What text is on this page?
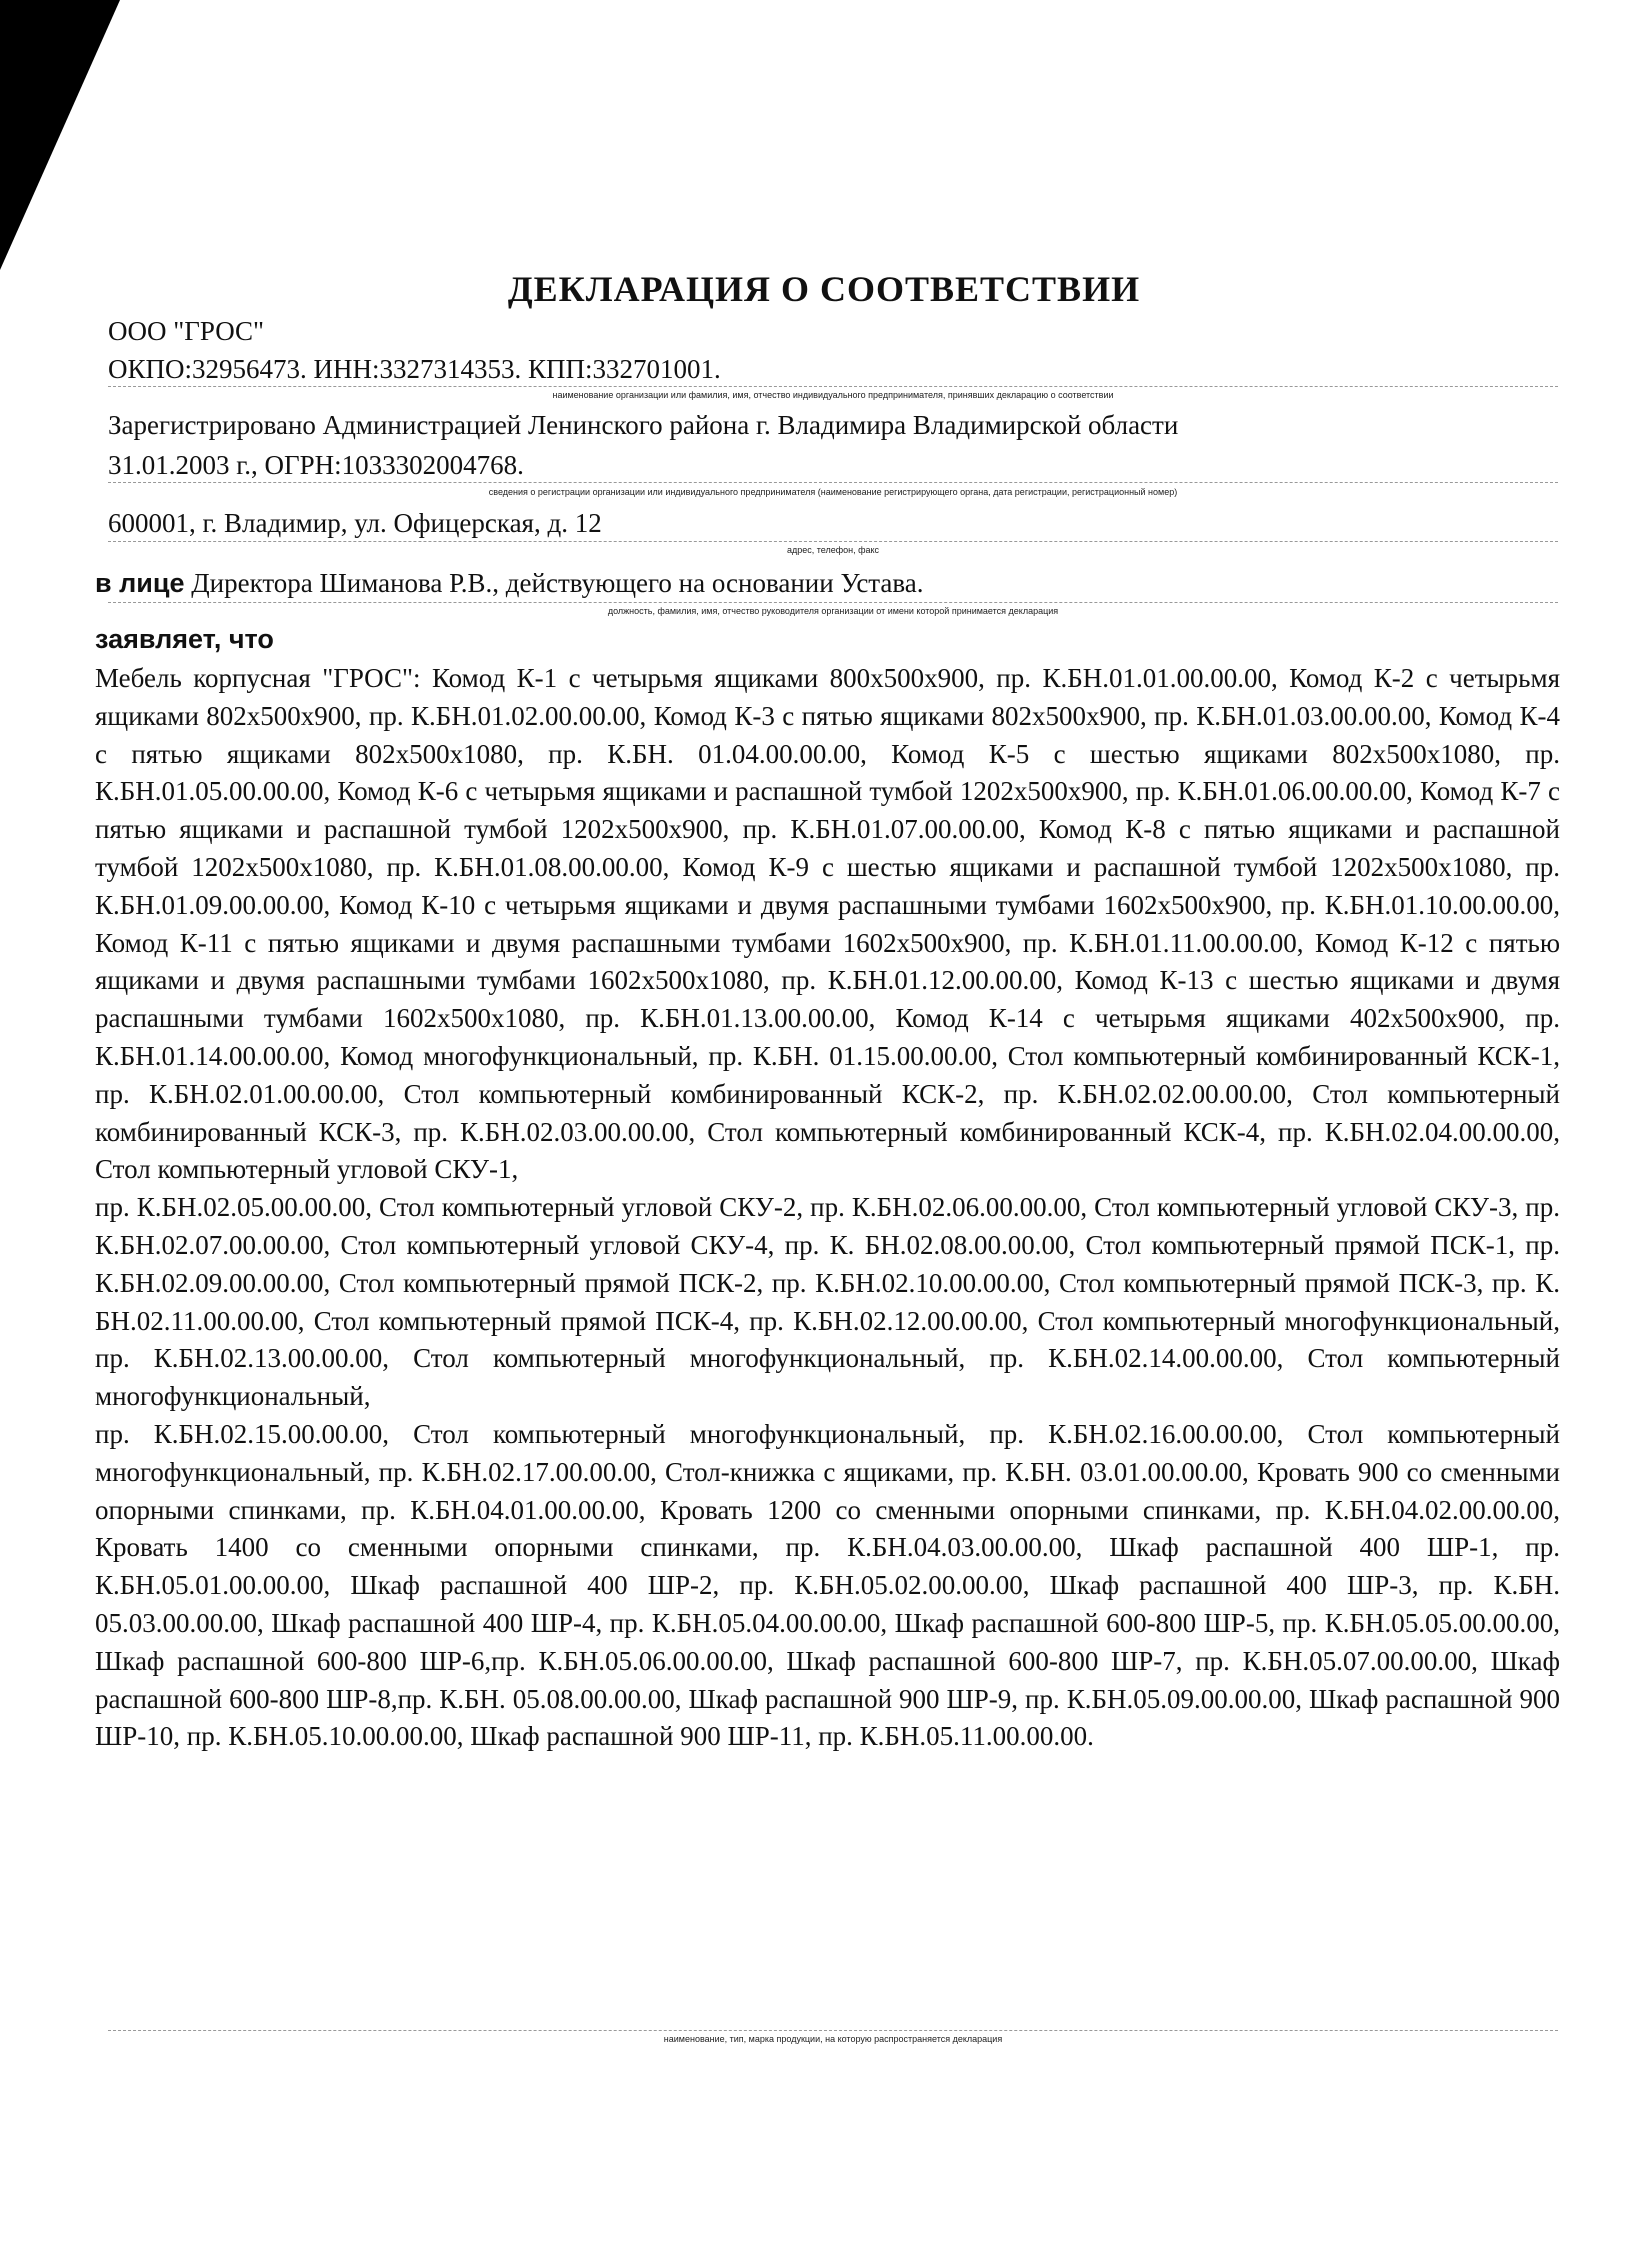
ДЕКЛАРАЦИЯ О СООТВЕТСТВИИ
ООО "ГРОС"
ОКПО:32956473. ИНН:3327314353. КПП:332701001.
наименование организации или фамилия, имя, отчество индивидуального предпринимателя, принявших декларацию о соответствии
Зарегистрировано Администрацией Ленинского района г. Владимира Владимирской области
31.01.2003 г., ОГРН:1033302004768.
сведения о регистрации организации или индивидуального предпринимателя (наименование регистрирующего органа, дата регистрации, регистрационный номер)
600001, г. Владимир, ул. Офицерская, д. 12
адрес, телефон, факс
в лице Директора Шиманова Р.В., действующего на основании Устава.
должность, фамилия, имя, отчество руководителя организации от имени которой принимается декларация
заявляет, что

Мебель корпусная "ГРОС": Комод К-1 с четырьмя ящиками 800х500х900, пр. К.БН.01.01.00.00.00, Комод К-2 с четырьмя ящиками 802х500х900, пр. К.БН.01.02.00.00.00, Комод К-3 с пятью ящиками 802х500х900, пр. К.БН.01.03.00.00.00, Комод К-4 с пятью ящиками 802х500х1080, пр. К.БН. 01.04.00.00.00, Комод К-5 с шестью ящиками 802х500х1080, пр. К.БН.01.05.00.00.00, Комод К-6 с четырьмя ящиками и распашной тумбой 1202х500х900, пр. К.БН.01.06.00.00.00, Комод К-7 с пятью ящиками и распашной тумбой 1202х500х900, пр. К.БН.01.07.00.00.00, Комод К-8 с пятью ящиками и распашной тумбой 1202х500х1080, пр. К.БН.01.08.00.00.00, Комод К-9 с шестью ящиками и распашной тумбой 1202х500х1080, пр. К.БН.01.09.00.00.00, Комод К-10 с четырьмя ящиками и двумя распашными тумбами 1602х500х900, пр. К.БН.01.10.00.00.00, Комод К-11 с пятью ящиками и двумя распашными тумбами 1602х500х900, пр. К.БН.01.11.00.00.00, Комод К-12 с пятью ящиками и двумя распашными тумбами 1602х500х1080, пр. К.БН.01.12.00.00.00, Комод К-13 с шестью ящиками и двумя распашными тумбами 1602х500х1080, пр. К.БН.01.13.00.00.00, Комод К-14 с четырьмя ящиками 402х500х900, пр. К.БН.01.14.00.00.00, Комод многофункциональный, пр. К.БН. 01.15.00.00.00, Стол компьютерный комбинированный КСК-1, пр. К.БН.02.01.00.00.00, Стол компьютерный комбинированный КСК-2, пр. К.БН.02.02.00.00.00, Стол компьютерный комбинированный КСК-3, пр. К.БН.02.03.00.00.00, Стол компьютерный комбинированный КСК-4, пр. К.БН.02.04.00.00.00, Стол компьютерный угловой СКУ-1,

пр. К.БН.02.05.00.00.00, Стол компьютерный угловой СКУ-2, пр. К.БН.02.06.00.00.00, Стол компьютерный угловой СКУ-3, пр. К.БН.02.07.00.00.00, Стол компьютерный угловой СКУ-4, пр. К. БН.02.08.00.00.00, Стол компьютерный прямой ПСК-1, пр. К.БН.02.09.00.00.00, Стол компьютерный прямой ПСК-2, пр. К.БН.02.10.00.00.00, Стол компьютерный прямой ПСК-3, пр. К. БН.02.11.00.00.00, Стол компьютерный прямой ПСК-4, пр. К.БН.02.12.00.00.00, Стол компьютерный многофункциональный, пр. К.БН.02.13.00.00.00, Стол компьютерный многофункциональный, пр. К.БН.02.14.00.00.00, Стол компьютерный многофункциональный,

пр. К.БН.02.15.00.00.00, Стол компьютерный многофункциональный, пр. К.БН.02.16.00.00.00, Стол компьютерный многофункциональный, пр. К.БН.02.17.00.00.00, Стол-книжка с ящиками, пр. К.БН. 03.01.00.00.00, Кровать 900 со сменными опорными спинками, пр. К.БН.04.01.00.00.00, Кровать 1200 со сменными опорными спинками, пр. К.БН.04.02.00.00.00, Кровать 1400 со сменными опорными спинками, пр. К.БН.04.03.00.00.00, Шкаф распашной 400 ШР-1, пр. К.БН.05.01.00.00.00, Шкаф распашной 400 ШР-2, пр. К.БН.05.02.00.00.00, Шкаф распашной 400 ШР-3, пр. К.БН. 05.03.00.00.00, Шкаф распашной 400 ШР-4, пр. К.БН.05.04.00.00.00, Шкаф распашной 600-800 ШР-5, пр. К.БН.05.05.00.00.00, Шкаф распашной 600-800 ШР-6,пр. К.БН.05.06.00.00.00, Шкаф распашной 600-800 ШР-7, пр. К.БН.05.07.00.00.00, Шкаф распашной 600-800 ШР-8,пр. К.БН. 05.08.00.00.00, Шкаф распашной 900 ШР-9, пр. К.БН.05.09.00.00.00, Шкаф распашной 900 ШР-10, пр. К.БН.05.10.00.00.00, Шкаф распашной 900 ШР-11, пр. К.БН.05.11.00.00.00.

наименование, тип, марка продукции, на которую распространяется декларация
